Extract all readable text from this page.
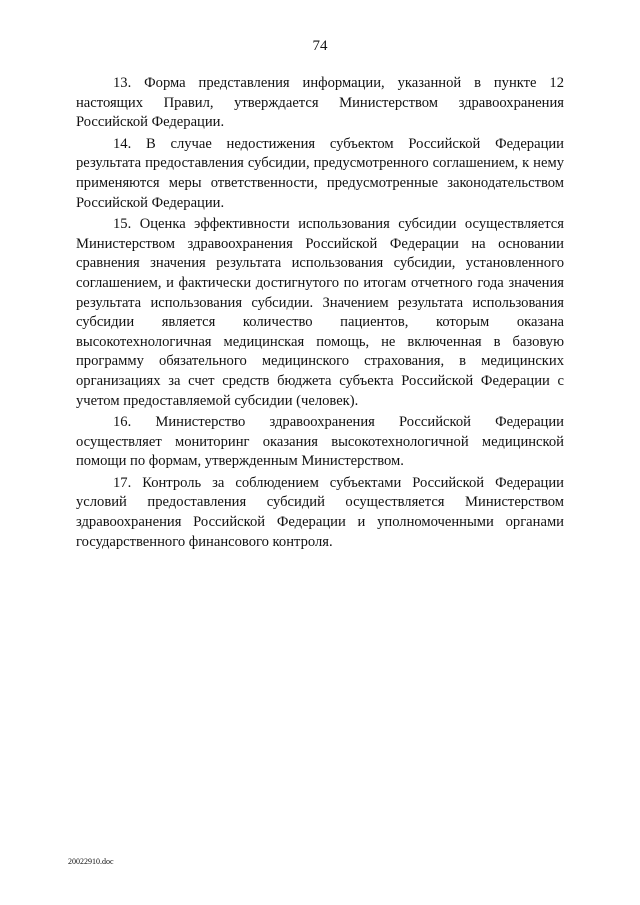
74

13. Форма представления информации, указанной в пункте 12 настоящих Правил, утверждается Министерством здравоохранения Российской Федерации.

14. В случае недостижения субъектом Российской Федерации результата предоставления субсидии, предусмотренного соглашением, к нему применяются меры ответственности, предусмотренные законодательством Российской Федерации.

15. Оценка эффективности использования субсидии осуществляется Министерством здравоохранения Российской Федерации на основании сравнения значения результата использования субсидии, установленного соглашением, и фактически достигнутого по итогам отчетного года значения результата использования субсидии. Значением результата использования субсидии является количество пациентов, которым оказана высокотехнологичная медицинская помощь, не включенная в базовую программу обязательного медицинского страхования, в медицинских организациях за счет средств бюджета субъекта Российской Федерации с учетом предоставляемой субсидии (человек).

16. Министерство здравоохранения Российской Федерации осуществляет мониторинг оказания высокотехнологичной медицинской помощи по формам, утвержденным Министерством.

17. Контроль за соблюдением субъектами Российской Федерации условий предоставления субсидий осуществляется Министерством здравоохранения Российской Федерации и уполномоченными органами государственного финансового контроля.

20022910.doc
